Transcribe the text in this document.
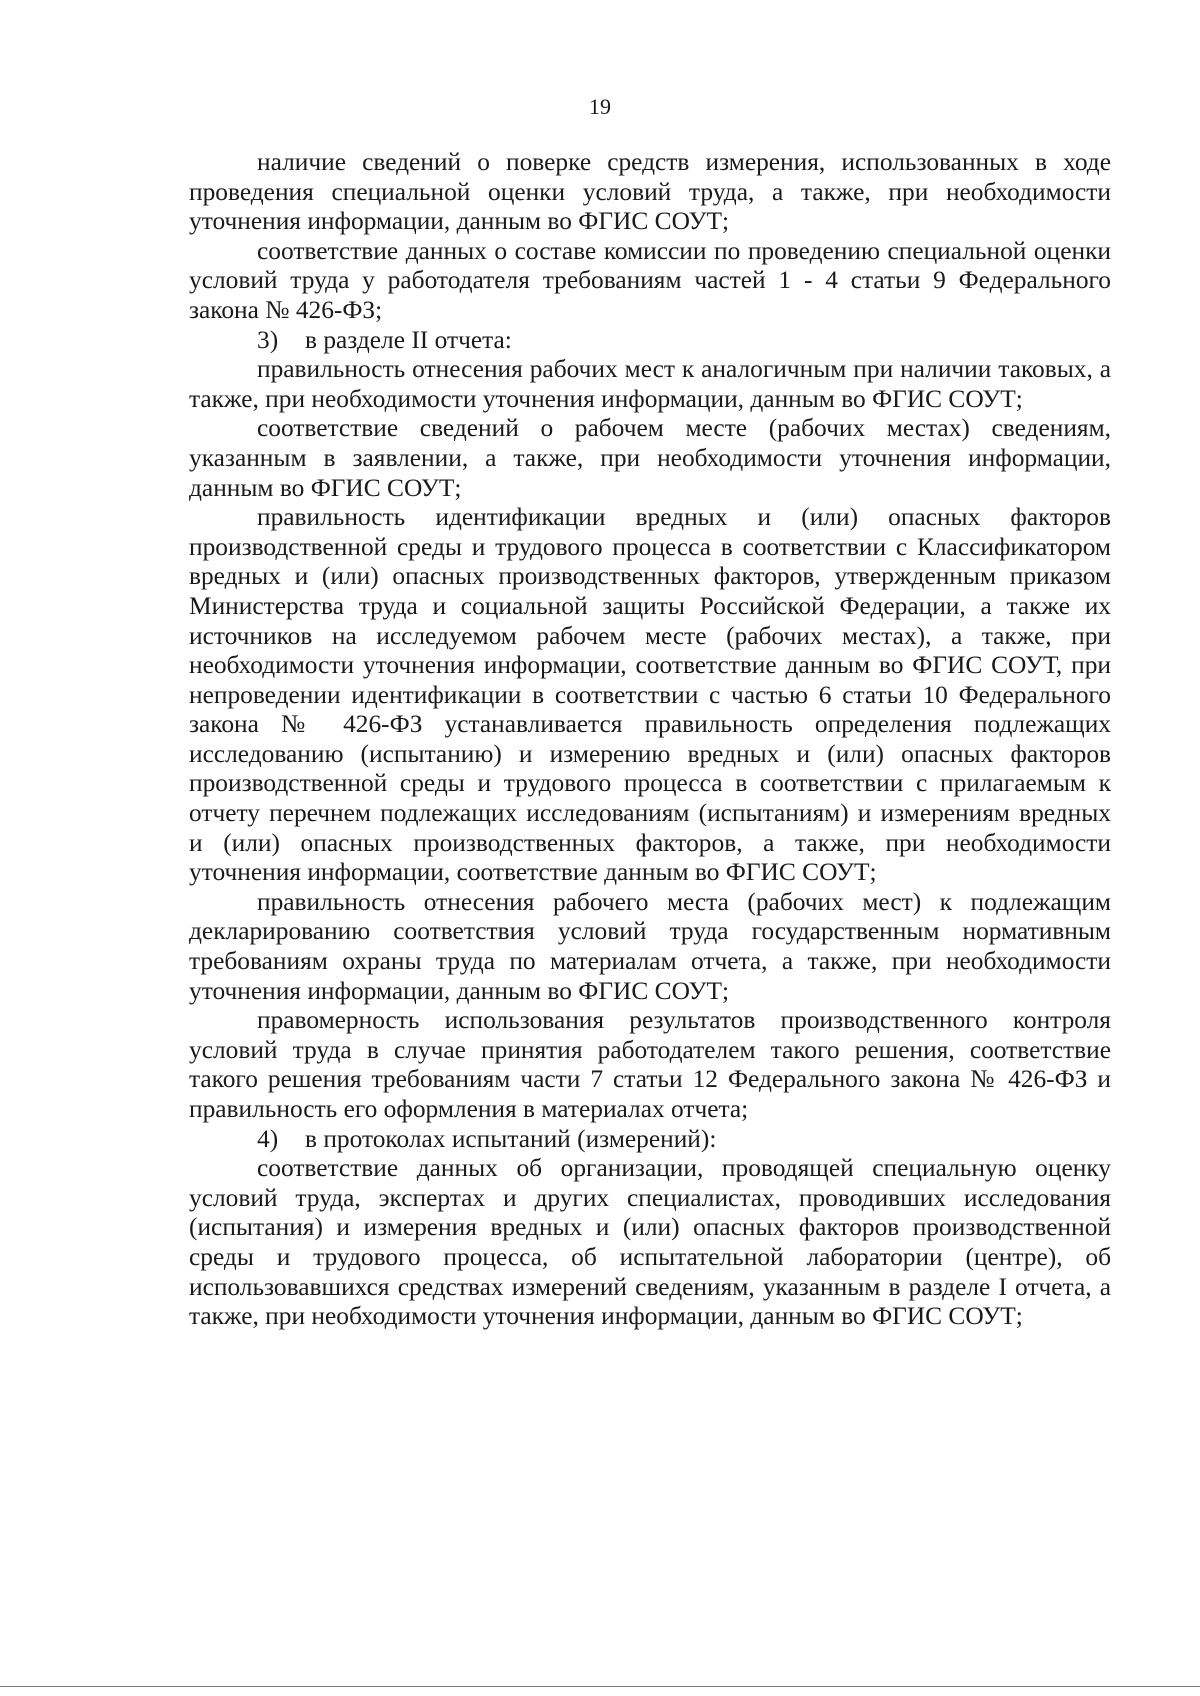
19

наличие сведений о поверке средств измерения, использованных в ходе проведения специальной оценки условий труда, а также, при необходимости уточнения информации, данным во ФГИС СОУТ;

соответствие данных о составе комиссии по проведению специальной оценки условий труда у работодателя требованиям частей 1 - 4 статьи 9 Федерального закона № 426-ФЗ;

3) в разделе II отчета:

правильность отнесения рабочих мест к аналогичным при наличии таковых, а также, при необходимости уточнения информации, данным во ФГИС СОУТ;

соответствие сведений о рабочем месте (рабочих местах) сведениям, указанным в заявлении, а также, при необходимости уточнения информации, данным во ФГИС СОУТ;

правильность идентификации вредных и (или) опасных факторов производственной среды и трудового процесса в соответствии с Классификатором вредных и (или) опасных производственных факторов, утвержденным приказом Министерства труда и социальной защиты Российской Федерации, а также их источников на исследуемом рабочем месте (рабочих местах), а также, при необходимости уточнения информации, соответствие данным во ФГИС СОУТ, при непроведении идентификации в соответствии с частью 6 статьи 10 Федерального закона № 426-ФЗ устанавливается правильность определения подлежащих исследованию (испытанию) и измерению вредных и (или) опасных факторов производственной среды и трудового процесса в соответствии с прилагаемым к отчету перечнем подлежащих исследованиям (испытаниям) и измерениям вредных и (или) опасных производственных факторов, а также, при необходимости уточнения информации, соответствие данным во ФГИС СОУТ;

правильность отнесения рабочего места (рабочих мест) к подлежащим декларированию соответствия условий труда государственным нормативным требованиям охраны труда по материалам отчета, а также, при необходимости уточнения информации, данным во ФГИС СОУТ;

правомерность использования результатов производственного контроля условий труда в случае принятия работодателем такого решения, соответствие такого решения требованиям части 7 статьи 12 Федерального закона № 426-ФЗ и правильность его оформления в материалах отчета;

4) в протоколах испытаний (измерений):

соответствие данных об организации, проводящей специальную оценку условий труда, экспертах и других специалистах, проводивших исследования (испытания) и измерения вредных и (или) опасных факторов производственной среды и трудового процесса, об испытательной лаборатории (центре), об использовавшихся средствах измерений сведениям, указанным в разделе I отчета, а также, при необходимости уточнения информации, данным во ФГИС СОУТ;
